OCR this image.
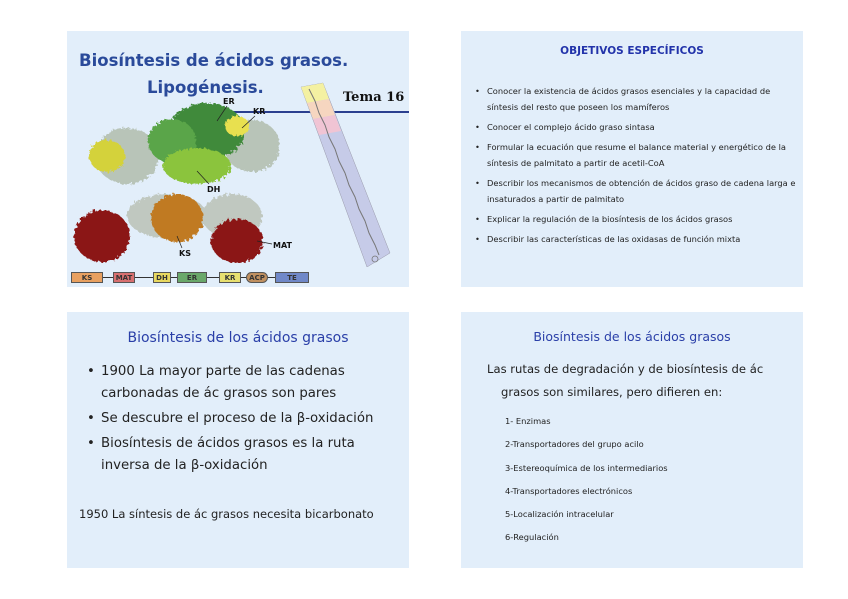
Biosíntesis de ácidos grasos.
Lipogénesis.
Tema 16
ER
KR
DH
KS
MAT
KS	MAT	DH	ER	KR	ACP	TE
OBJETIVOS ESPECÍFICOS
• Conocer la existencia de ácidos grasos esenciales y la capacidad de síntesis del resto que poseen los mamíferos
• Conocer el complejo ácido graso sintasa
• Formular la ecuación que resume el balance material y energético de la síntesis de palmitato a partir de acetil-CoA
• Describir los mecanismos de obtención de ácidos graso de cadena larga e insaturados a partir de palmitato
• Explicar la regulación de la biosíntesis de los ácidos grasos
• Describir las características de las oxidasas de función mixta
Biosíntesis de los ácidos grasos
• 1900 La mayor parte de las cadenas carbonadas de ác grasos son pares
• Se descubre el proceso de la β-oxidación
• Biosíntesis de ácidos grasos es la ruta inversa de la β-oxidación
1950 La síntesis de ác grasos necesita bicarbonato
Biosíntesis de los ácidos grasos
Las rutas de degradación y de biosíntesis de ác
grasos son similares, pero difieren en:
1- Enzimas
2-Transportadores del grupo acilo
3-Estereoquímica de los intermediarios
4-Transportadores electrónicos
5-Localización intracelular
6-Regulación
